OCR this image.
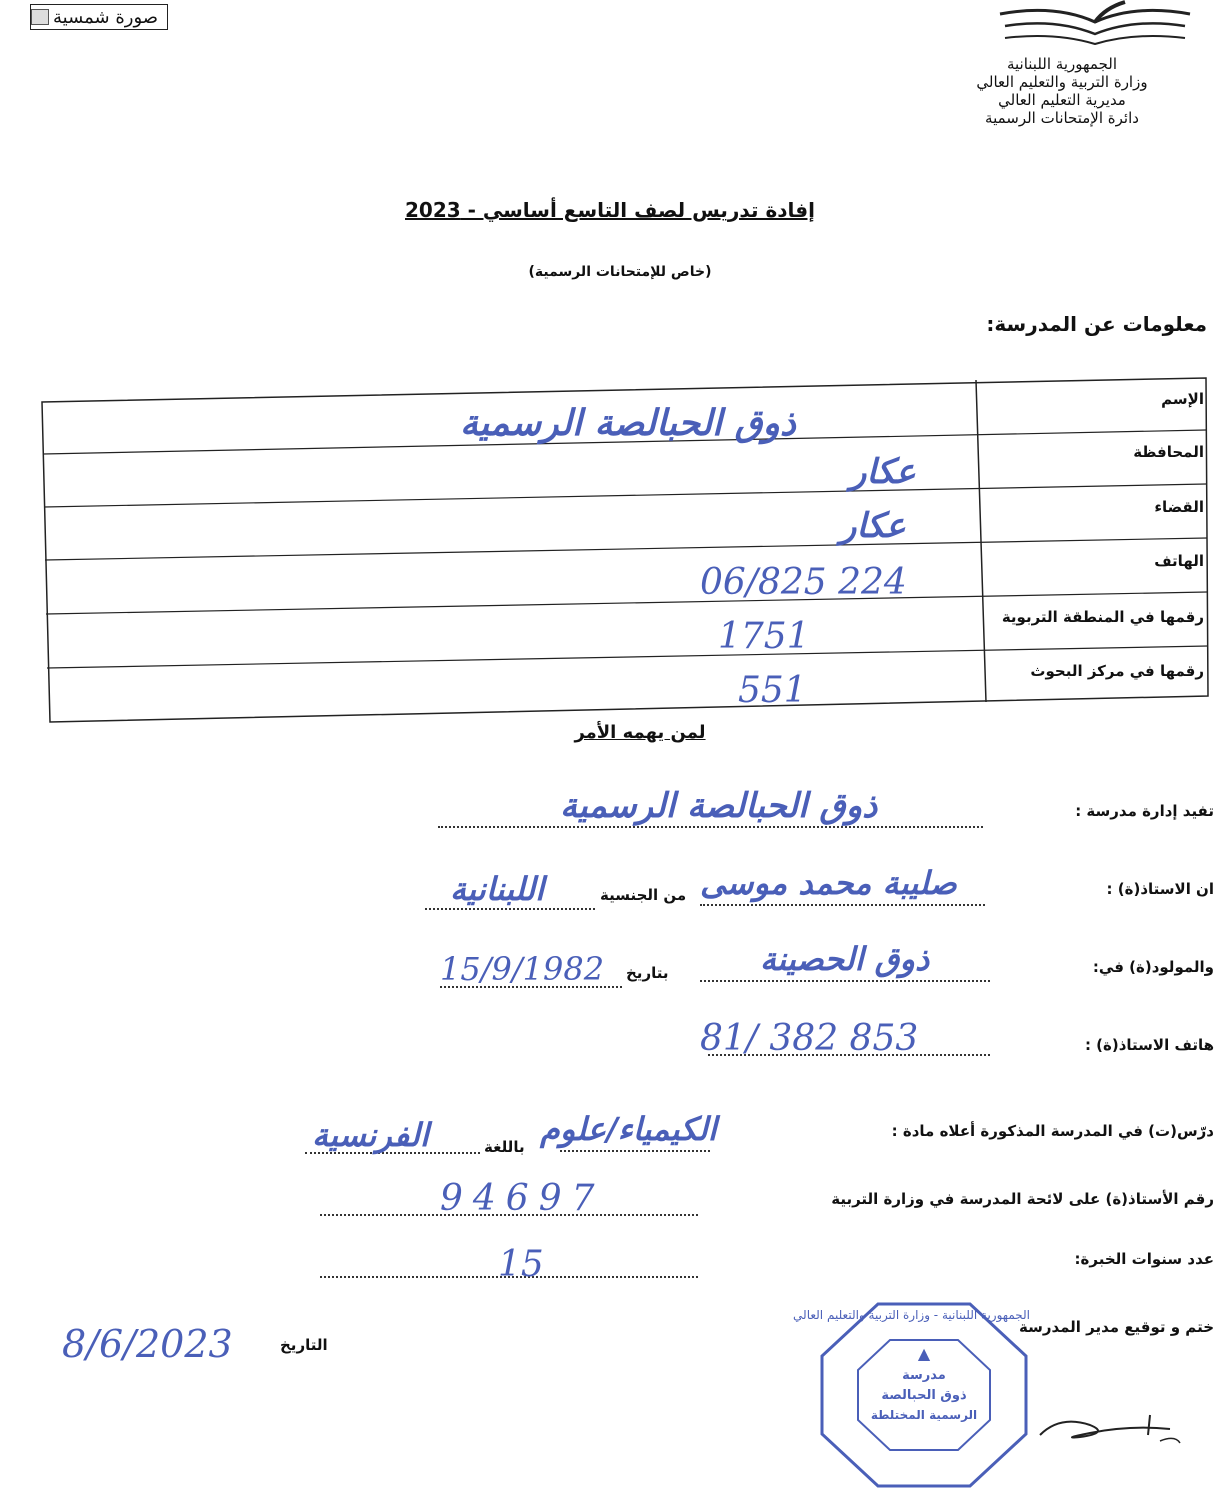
صورة شمسية
الجمهورية اللبنانية
وزارة التربية والتعليم العالي
مديرية التعليم العالي
دائرة الإمتحانات الرسمية
إفادة تدريس لصف التاسع أساسي - 2023
(خاص للإمتحانات الرسمية)
معلومات عن المدرسة:
الإسم
المحافظة
القضاء
الهاتف
رقمها في المنطقة التربوية
رقمها في مركز البحوث
ذوق الحبالصة الرسمية
عكار
عكار
06/825 224
1751
551
لمن يهمه الأمر
تفيد إدارة مدرسة :
ذوق الحبالصة الرسمية
ان الاستاذ(ة) :
صليبة محمد موسى
من الجنسية
اللبنانية
والمولود(ة) في:
ذوق الحصينة
بتاريخ
15/9/1982
هاتف الاستاذ(ة) :
81/ 382 853
درّس(ت) في المدرسة المذكورة أعلاه مادة :
الكيمياء/علوم
باللغة
الفرنسية
رقم الأستاذ(ة) على لائحة المدرسة في وزارة التربية
94697
عدد سنوات الخبرة:
15
ختم و توقيع مدير المدرسة
التاريخ
8/6/2023
الجمهورية اللبنانية - وزارة التربية والتعليم العالي
▲
مدرسة
ذوق الحبالصة
الرسمية المختلطة
